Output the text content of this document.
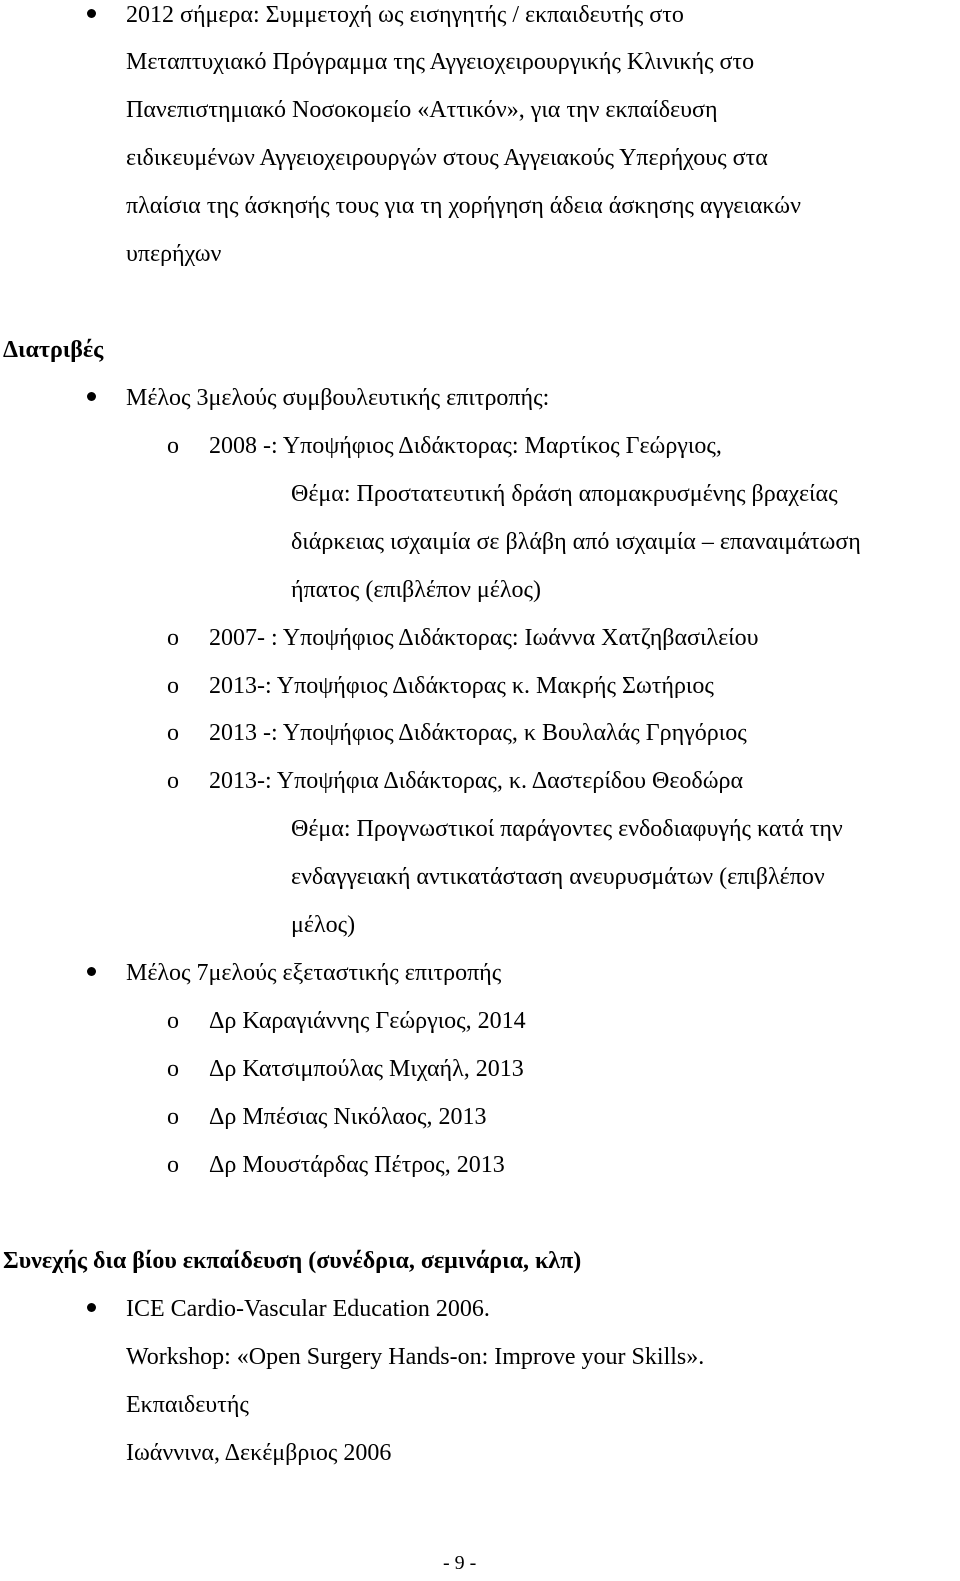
2012 σήμερα: Συμμετοχή ως εισηγητής / εκπαιδευτής στο
Μεταπτυχιακό Πρόγραμμα της Αγγειοχειρουργικής Κλινικής στο
Πανεπιστημιακό Νοσοκομείο «Αττικόν», για την εκπαίδευση
ειδικευμένων Αγγειοχειρουργών στους Αγγειακούς Υπερήχους στα
πλαίσια της άσκησής τους για τη χορήγηση άδεια άσκησης αγγειακών
υπερήχων
Διατριβές
Μέλος 3μελούς συμβουλευτικής επιτροπής:
o 2008 -: Υποψήφιος Διδάκτορας: Μαρτίκος Γεώργιος,
Θέμα: Προστατευτική δράση απομακρυσμένης βραχείας
διάρκειας ισχαιμία σε βλάβη από ισχαιμία – επαναιμάτωση
ήπατος (επιβλέπον μέλος)
o 2007- : Υποψήφιος Διδάκτορας: Ιωάννα Χατζηβασιλείου
o 2013-: Υποψήφιος Διδάκτορας κ. Μακρής Σωτήριος
o 2013 -: Υποψήφιος Διδάκτορας, κ Βουλαλάς Γρηγόριος
o 2013-: Υποψήφια Διδάκτορας, κ. Δαστερίδου Θεοδώρα
Θέμα: Προγνωστικοί παράγοντες ενδοδιαφυγής κατά την
ενδαγγειακή αντικατάσταση ανευρυσμάτων (επιβλέπον
μέλος)
Μέλος 7μελούς εξεταστικής επιτροπής
o Δρ Καραγιάννης Γεώργιος, 2014
o Δρ Κατσιμπούλας Μιχαήλ, 2013
o Δρ Μπέσιας Νικόλαος, 2013
o Δρ Μουστάρδας Πέτρος, 2013
Συνεχής δια βίου εκπαίδευση (συνέδρια, σεμινάρια, κλπ)
ICE Cardio-Vascular Education 2006.
Workshop: «Open Surgery Hands-on: Improve your Skills».
Εκπαιδευτής
Ιωάννινα, Δεκέμβριος 2006
- 9 -
